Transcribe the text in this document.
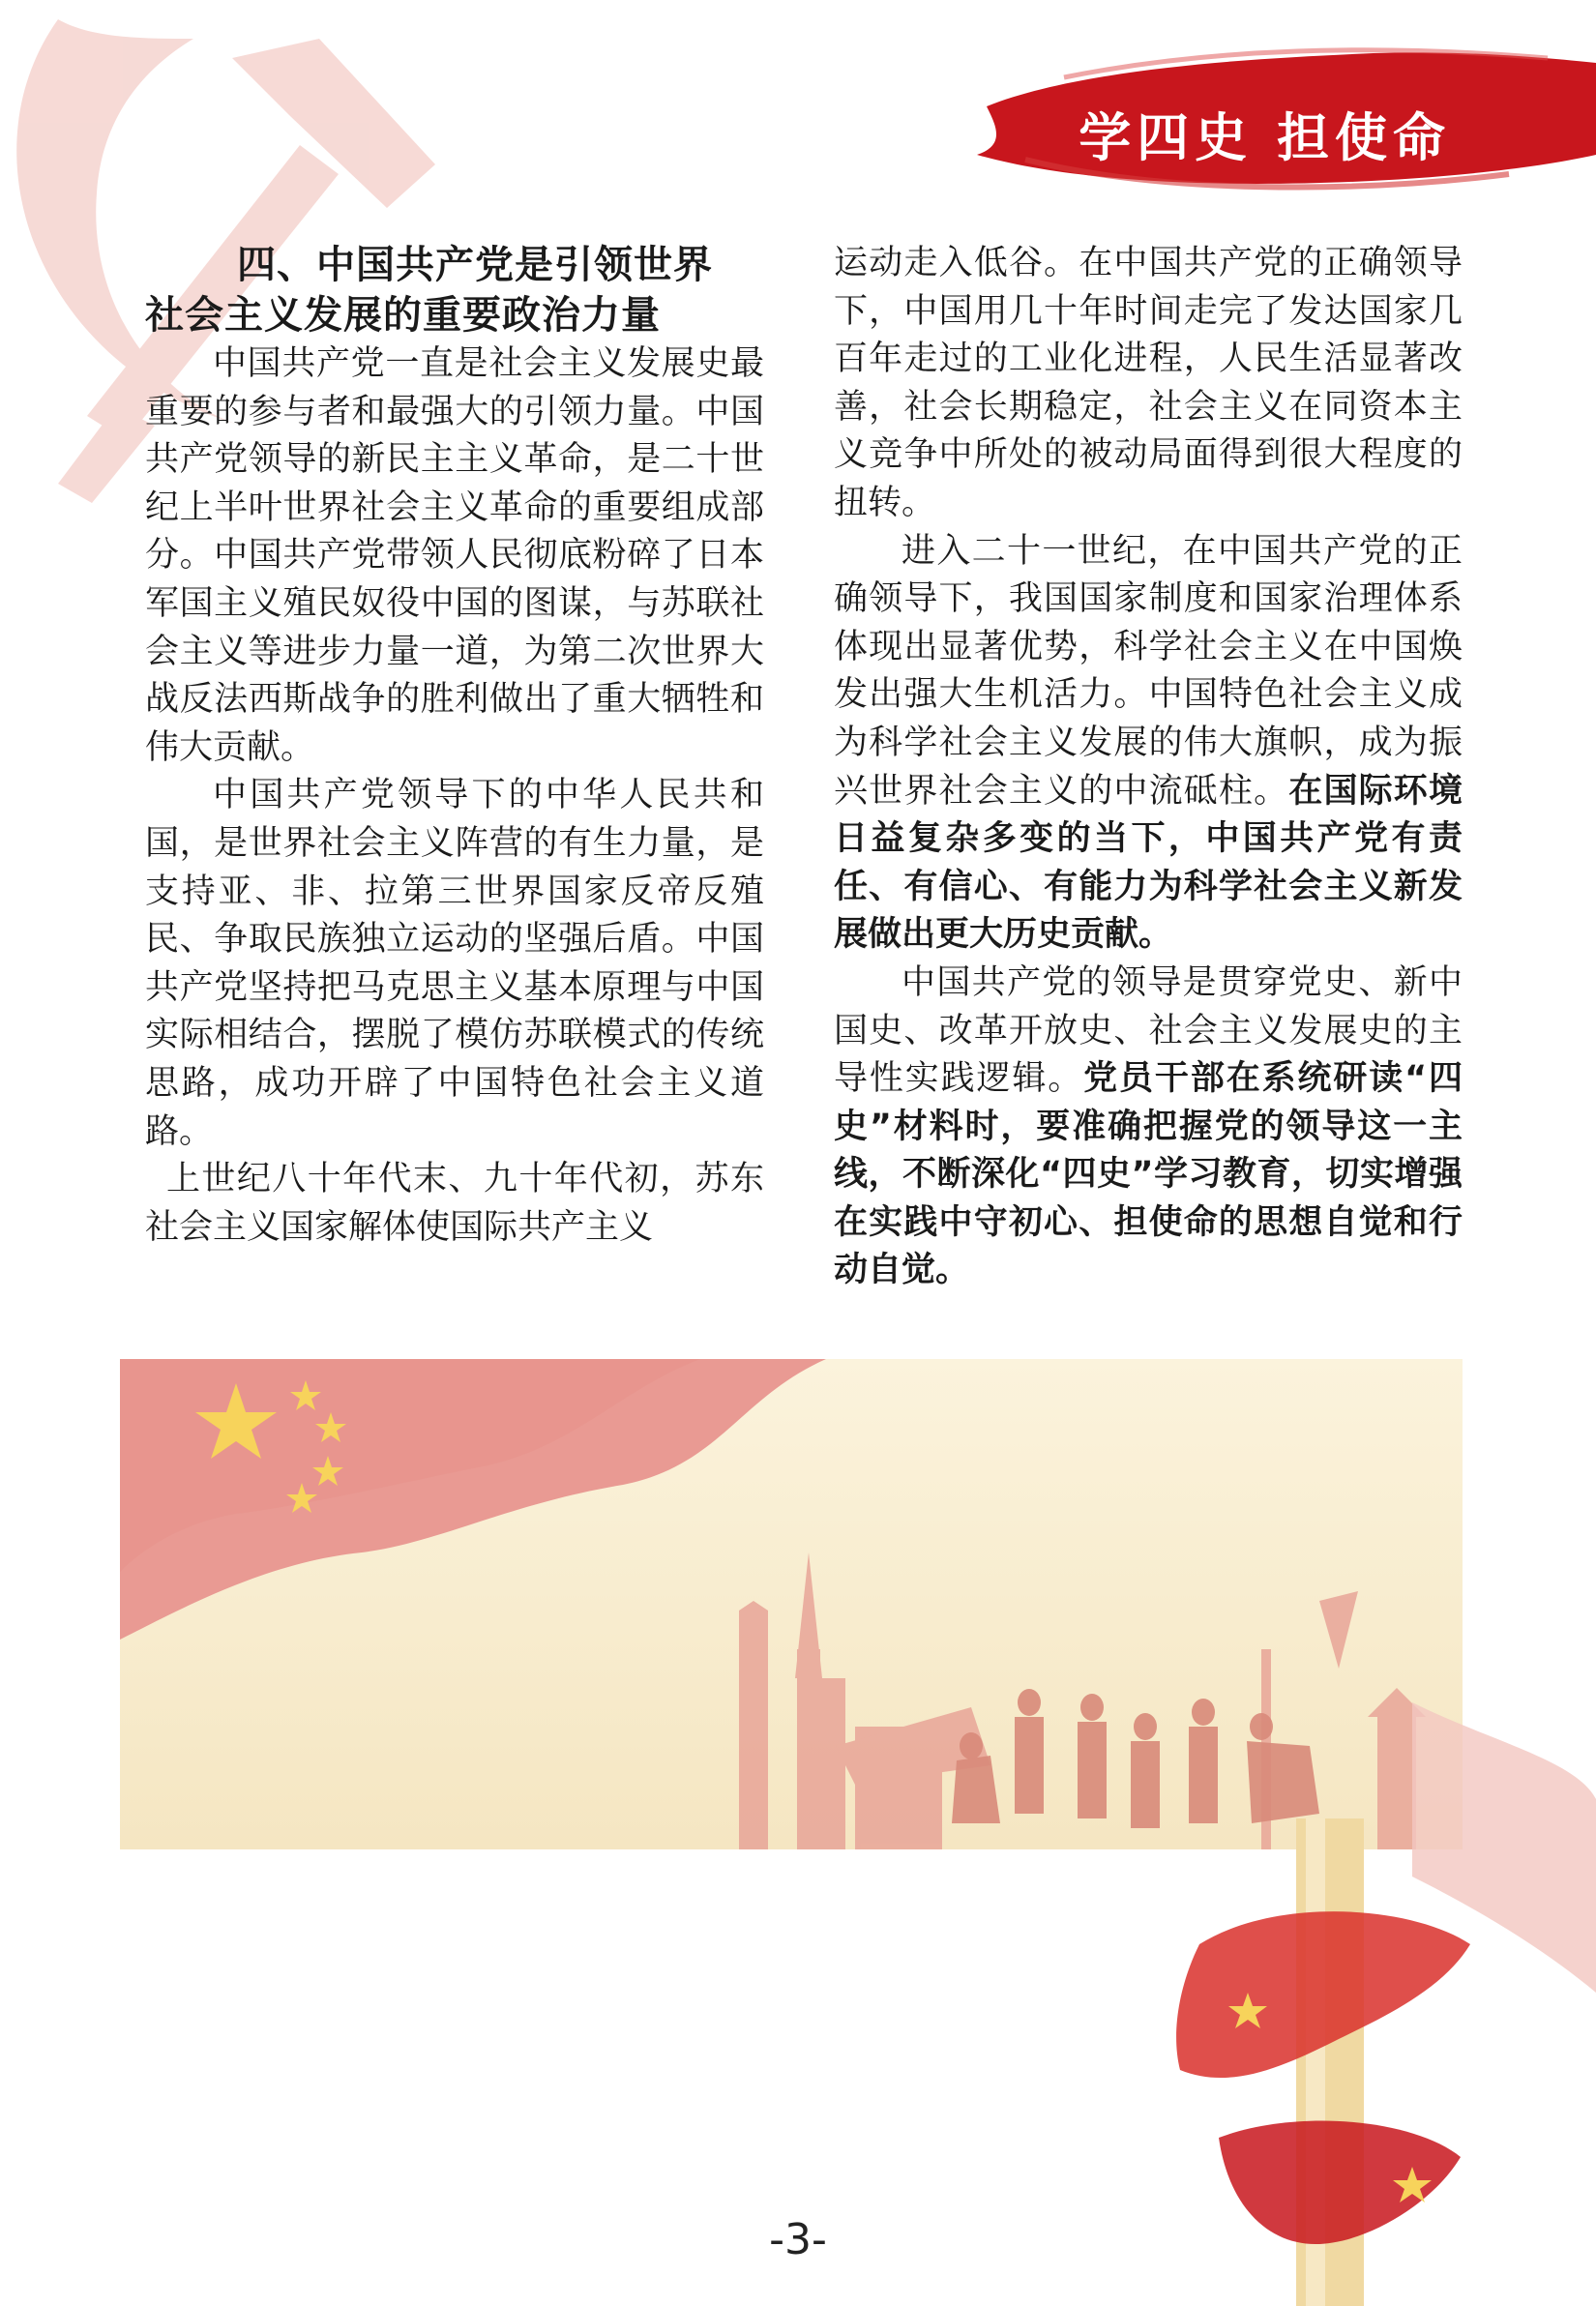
学四史 担使命
四、中国共产党是引领世界
社会主义发展的重要政治力量

中国共产党一直是社会主义发展史最重要的参与者和最强大的引领力量。中国共产党领导的新民主主义革命，是二十世纪上半叶世界社会主义革命的重要组成部分。中国共产党带领人民彻底粉碎了日本军国主义殖民奴役中国的图谋，与苏联社会主义等进步力量一道，为第二次世界大战反法西斯战争的胜利做出了重大牺牲和伟大贡献。

中国共产党领导下的中华人民共和国，是世界社会主义阵营的有生力量，是支持亚、非、拉第三世界国家反帝反殖民、争取民族独立运动的坚强后盾。中国共产党坚持把马克思主义基本原理与中国实际相结合，摆脱了模仿苏联模式的传统思路，成功开辟了中国特色社会主义道路。

上世纪八十年代末、九十年代初，苏东社会主义国家解体使国际共产主义

运动走入低谷。在中国共产党的正确领导下，中国用几十年时间走完了发达国家几百年走过的工业化进程，人民生活显著改善，社会长期稳定，社会主义在同资本主义竞争中所处的被动局面得到很大程度的扭转。

进入二十一世纪，在中国共产党的正确领导下，我国国家制度和国家治理体系体现出显著优势，科学社会主义在中国焕发出强大生机活力。中国特色社会主义成为科学社会主义发展的伟大旗帜，成为振兴世界社会主义的中流砥柱。在国际环境日益复杂多变的当下，中国共产党有责任、有信心、有能力为科学社会主义新发展做出更大历史贡献。

中国共产党的领导是贯穿党史、新中国史、改革开放史、社会主义发展史的主导性实践逻辑。党员干部在系统研读“四史”材料时，要准确把握党的领导这一主线，不断深化“四史”学习教育，切实增强在实践中守初心、担使命的思想自觉和行动自觉。

-3-
